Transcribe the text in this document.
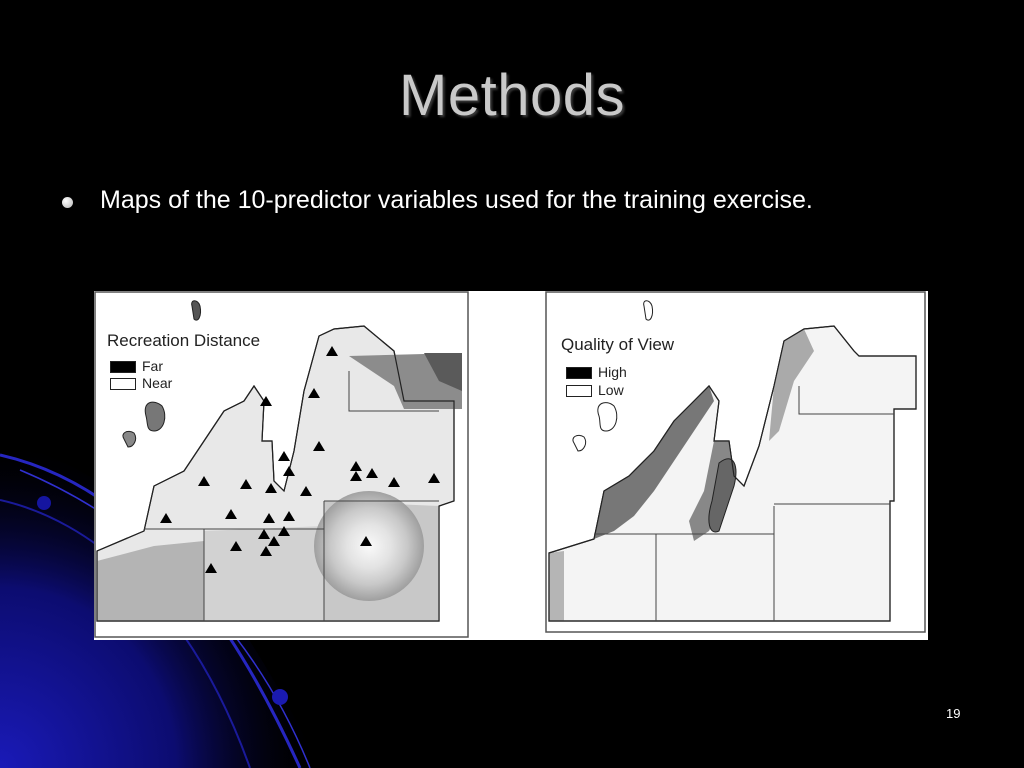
Methods
Maps of the 10-predictor variables used for the training exercise.
Recreation Distance
Far
Near
Quality of View
High
Low
19
